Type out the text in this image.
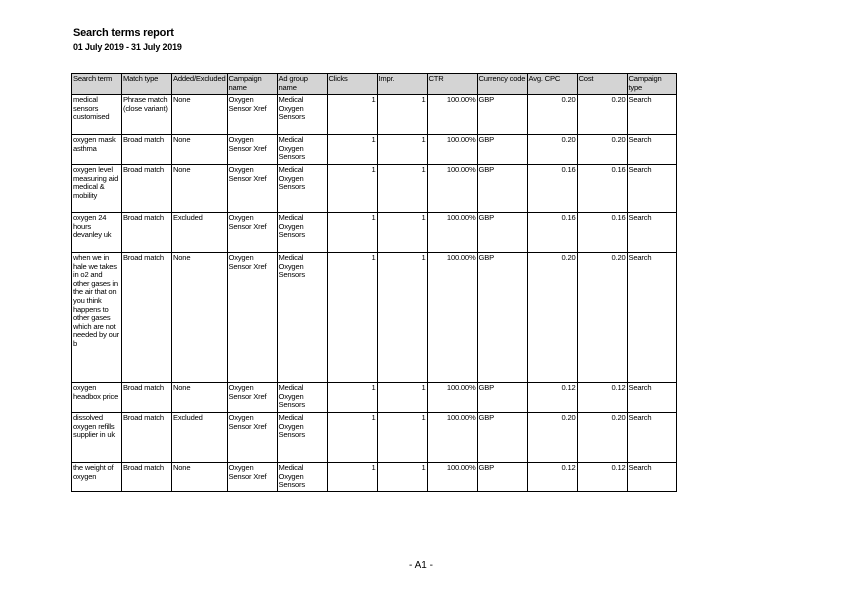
Search terms report
01 July 2019 - 31 July 2019
Search term	Match type	Added/Excluded	Campaign name	Ad group name	Clicks	Impr.	CTR	Currency code	Avg. CPC	Cost	Campaign type
medical sensors customised	Phrase match (close variant)	None	Oxygen Sensor Xref	Medical Oxygen Sensors	1	1	100.00%	GBP	0.20	0.20	Search
oxygen mask asthma	Broad match	None	Oxygen Sensor Xref	Medical Oxygen Sensors	1	1	100.00%	GBP	0.20	0.20	Search
oxygen level measuring aid medical & mobility	Broad match	None	Oxygen Sensor Xref	Medical Oxygen Sensors	1	1	100.00%	GBP	0.16	0.16	Search
oxygen 24 hours devanley uk	Broad match	Excluded	Oxygen Sensor Xref	Medical Oxygen Sensors	1	1	100.00%	GBP	0.16	0.16	Search
when we in hale we takes in o2 and other gases in the air that on you think happens to other gases which are not needed by our b	Broad match	None	Oxygen Sensor Xref	Medical Oxygen Sensors	1	1	100.00%	GBP	0.20	0.20	Search
oxygen headbox price	Broad match	None	Oxygen Sensor Xref	Medical Oxygen Sensors	1	1	100.00%	GBP	0.12	0.12	Search
dissolved oxygen refills supplier in uk	Broad match	Excluded	Oxygen Sensor Xref	Medical Oxygen Sensors	1	1	100.00%	GBP	0.20	0.20	Search
the weight of oxygen	Broad match	None	Oxygen Sensor Xref	Medical Oxygen Sensors	1	1	100.00%	GBP	0.12	0.12	Search
- A1 -
